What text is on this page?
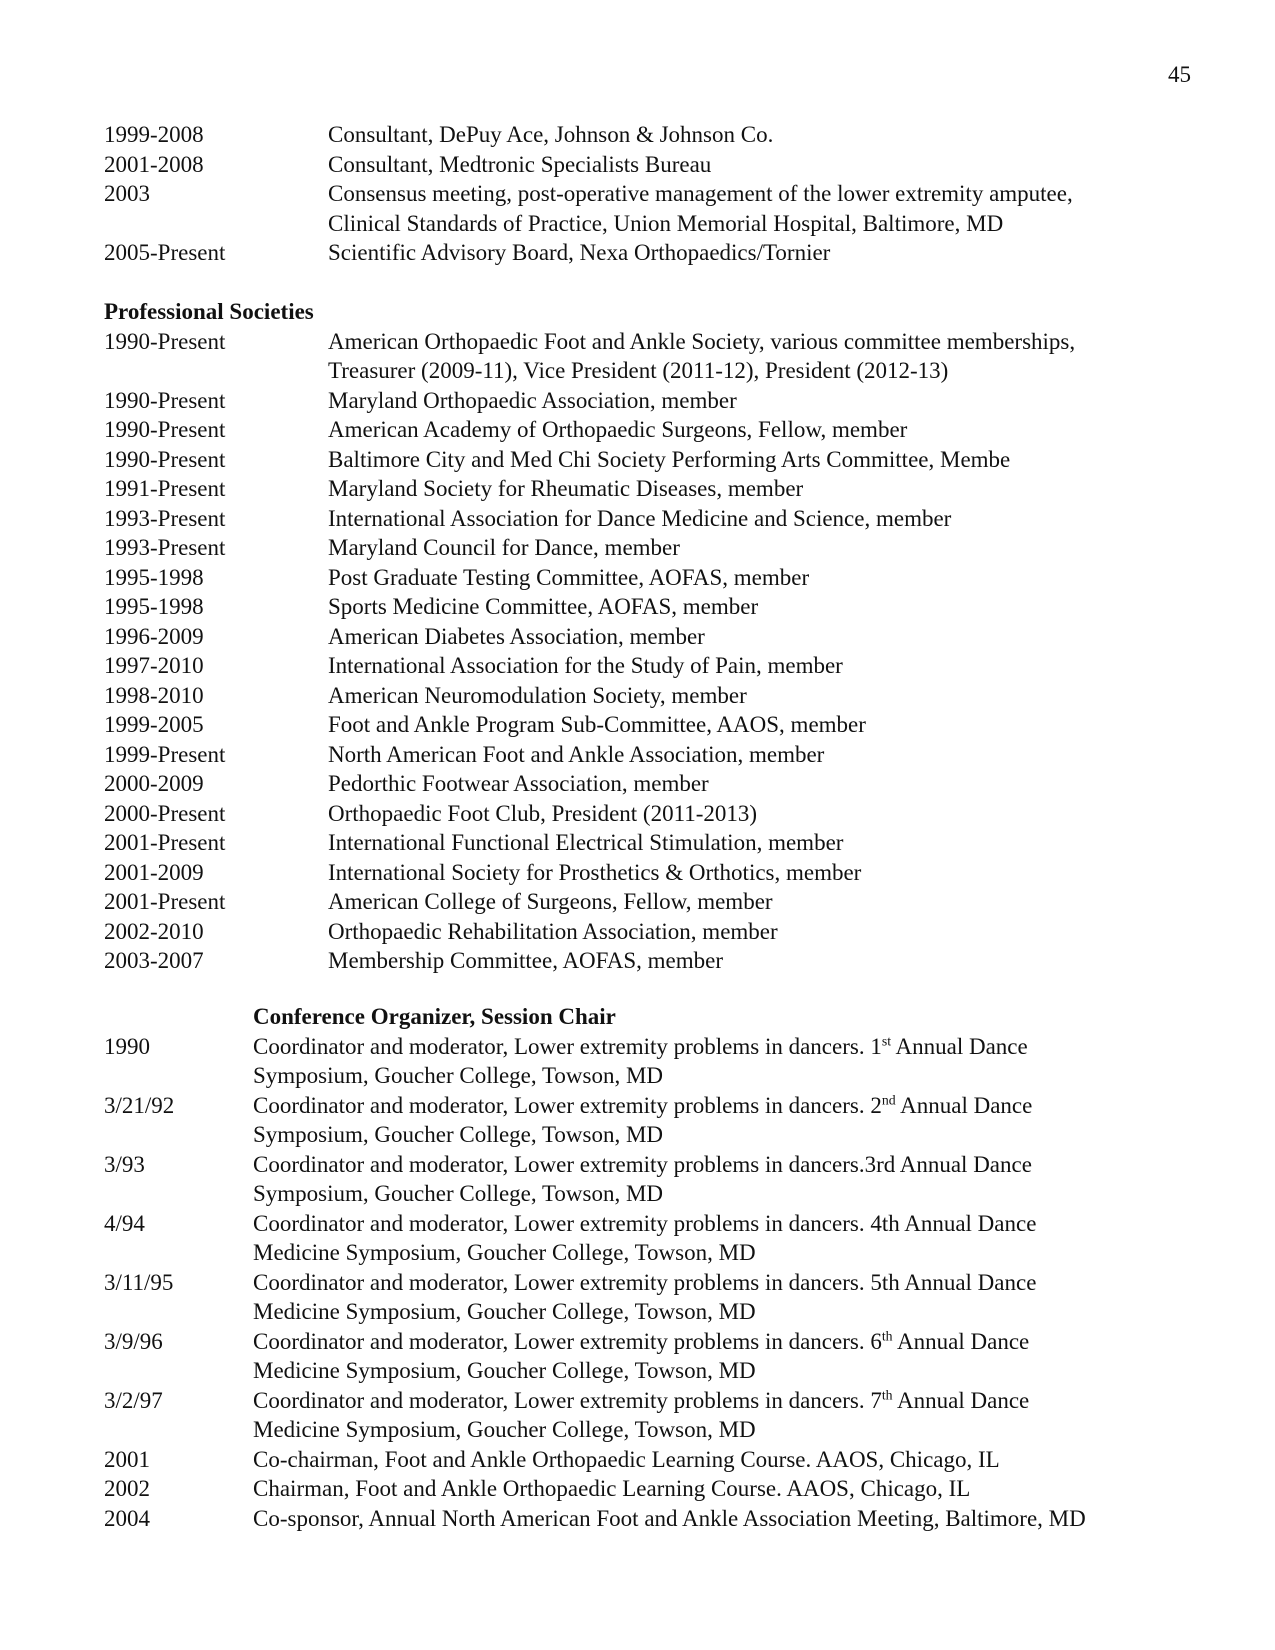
45
1999-2008	Consultant, DePuy Ace, Johnson & Johnson Co.
2001-2008	Consultant, Medtronic Specialists Bureau
2003	Consensus meeting, post-operative management of the lower extremity amputee,
Clinical Standards of Practice, Union Memorial Hospital, Baltimore, MD
2005-Present	Scientific Advisory Board, Nexa Orthopaedics/Tornier
Professional Societies
1990-Present	American Orthopaedic Foot and Ankle Society, various committee memberships,
Treasurer (2009-11), Vice President (2011-12), President (2012-13)
1990-Present	Maryland Orthopaedic Association, member
1990-Present	American Academy of Orthopaedic Surgeons, Fellow, member
1990-Present	Baltimore City and Med Chi Society Performing Arts Committee, Membe
1991-Present	Maryland Society for Rheumatic Diseases, member
1993-Present	International Association for Dance Medicine and Science, member
1993-Present	Maryland Council for Dance, member
1995-1998	Post Graduate Testing Committee, AOFAS, member
1995-1998	Sports Medicine Committee, AOFAS, member
1996-2009	American Diabetes Association, member
1997-2010	International Association for the Study of Pain, member
1998-2010	American Neuromodulation Society, member
1999-2005	Foot and Ankle Program Sub-Committee, AAOS, member
1999-Present	North American Foot and Ankle Association, member
2000-2009	Pedorthic Footwear Association, member
2000-Present	Orthopaedic Foot Club, President (2011-2013)
2001-Present	International Functional Electrical Stimulation, member
2001-2009	International Society for Prosthetics & Orthotics, member
2001-Present	American College of Surgeons, Fellow, member
2002-2010	Orthopaedic Rehabilitation Association, member
2003-2007	Membership Committee, AOFAS, member
Conference Organizer, Session Chair
1990	Coordinator and moderator, Lower extremity problems in dancers. 1st Annual Dance
Symposium, Goucher College, Towson, MD
3/21/92	Coordinator and moderator, Lower extremity problems in dancers. 2nd Annual Dance
Symposium, Goucher College, Towson, MD
3/93	Coordinator and moderator, Lower extremity problems in dancers.3rd Annual Dance
Symposium, Goucher College, Towson, MD
4/94	Coordinator and moderator, Lower extremity problems in dancers. 4th Annual Dance
Medicine Symposium, Goucher College, Towson, MD
3/11/95	Coordinator and moderator, Lower extremity problems in dancers. 5th Annual Dance
Medicine Symposium, Goucher College, Towson, MD
3/9/96	Coordinator and moderator, Lower extremity problems in dancers. 6th Annual Dance
Medicine Symposium, Goucher College, Towson, MD
3/2/97	Coordinator and moderator, Lower extremity problems in dancers. 7th Annual Dance
Medicine Symposium, Goucher College, Towson, MD
2001	Co-chairman, Foot and Ankle Orthopaedic Learning Course. AAOS, Chicago, IL
2002	Chairman, Foot and Ankle Orthopaedic Learning Course. AAOS, Chicago, IL
2004	Co-sponsor, Annual North American Foot and Ankle Association Meeting, Baltimore, MD
